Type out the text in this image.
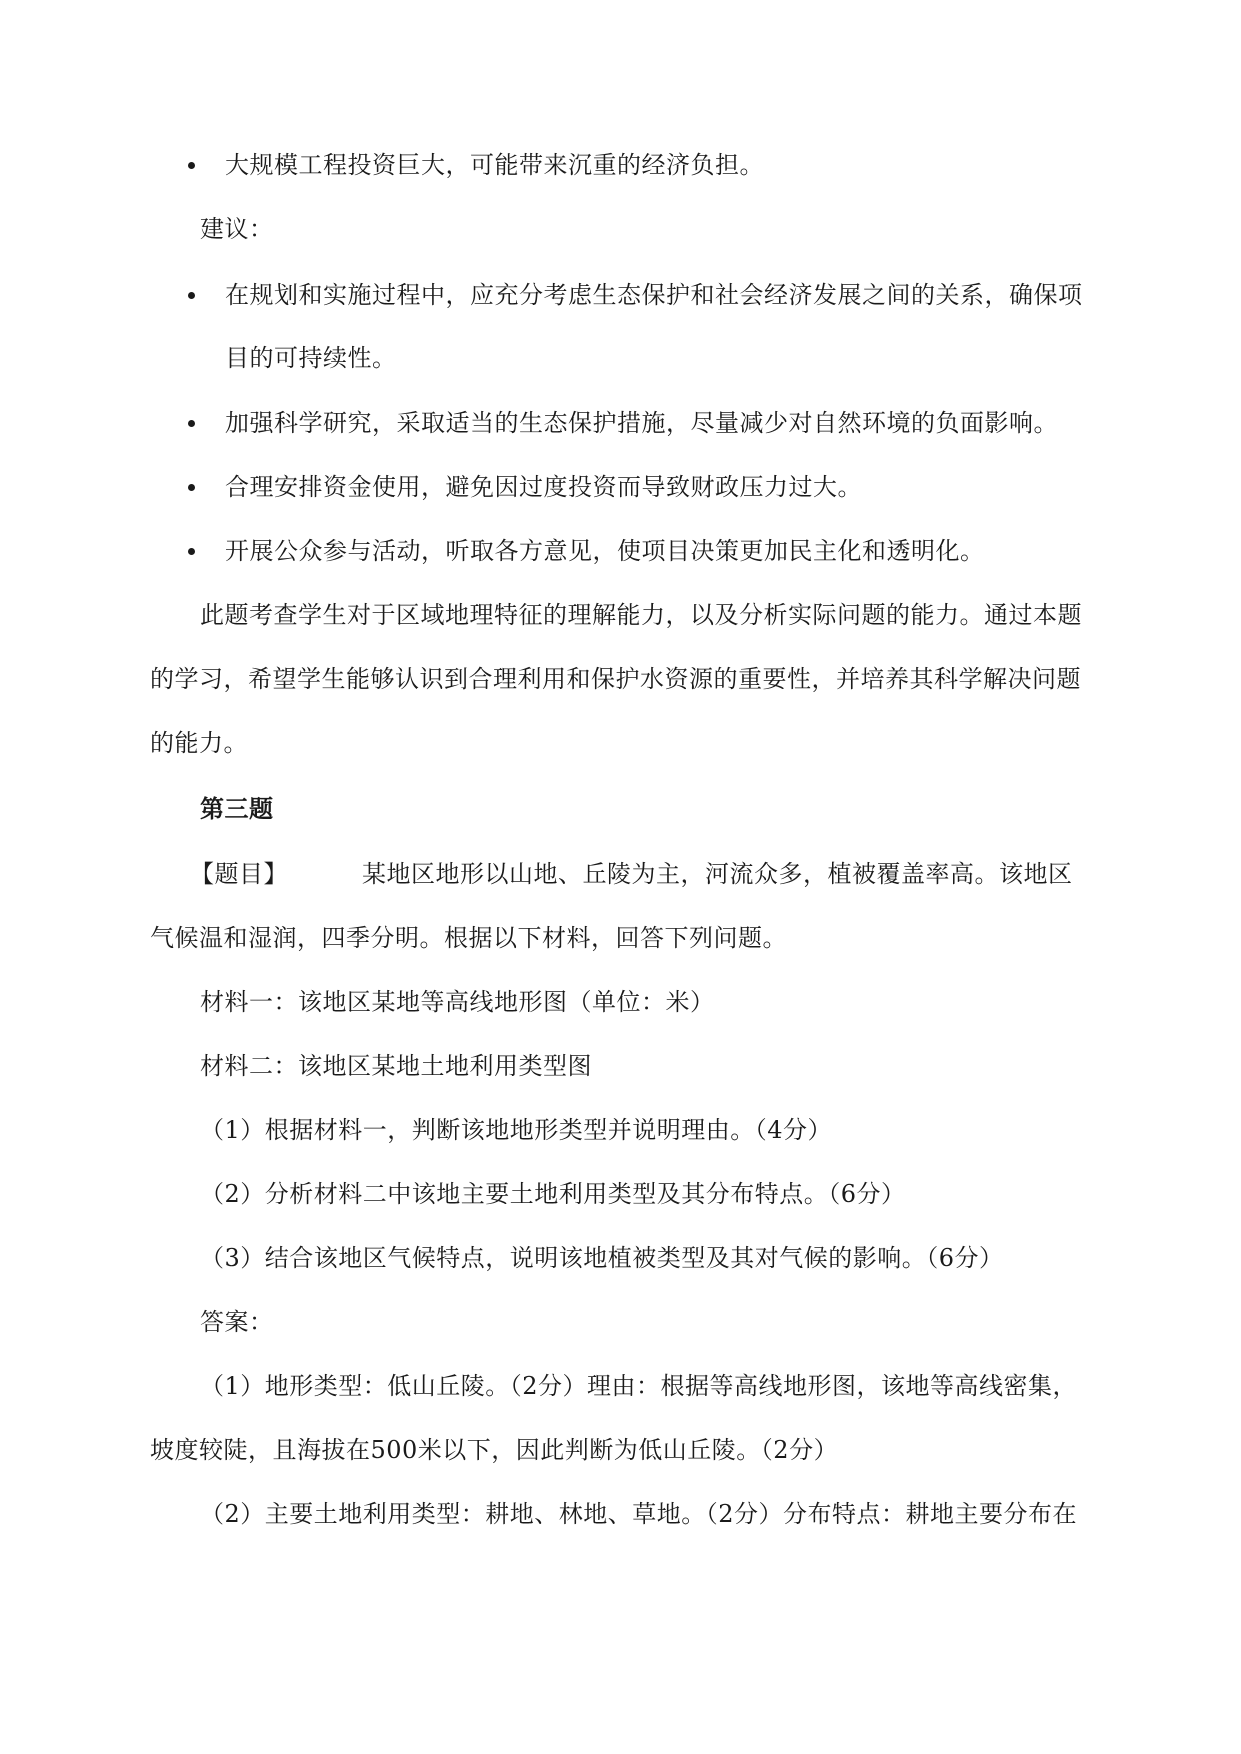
大规模工程投资巨大，可能带来沉重的经济负担。
建议：
在规划和实施过程中，应充分考虑生态保护和社会经济发展之间的关系，确保项
目的可持续性。
加强科学研究，采取适当的生态保护措施，尽量减少对自然环境的负面影响。
合理安排资金使用，避免因过度投资而导致财政压力过大。
开展公众参与活动，听取各方意见，使项目决策更加民主化和透明化。
此题考查学生对于区域地理特征的理解能力，以及分析实际问题的能力。通过本题
的学习，希望学生能够认识到合理利用和保护水资源的重要性，并培养其科学解决问题
的能力。
第三题
【题目】	某地区地形以山地、丘陵为主，河流众多，植被覆盖率高。该地区
气候温和湿润，四季分明。根据以下材料，回答下列问题。
材料一：该地区某地等高线地形图（单位：米）
材料二：该地区某地土地利用类型图
（1）根据材料一，判断该地地形类型并说明理由。（4分）
（2）分析材料二中该地主要土地利用类型及其分布特点。（6分）
（3）结合该地区气候特点，说明该地植被类型及其对气候的影响。（6分）
答案：
（1）地形类型：低山丘陵。（2分）理由：根据等高线地形图，该地等高线密集，
坡度较陡，且海拔在500米以下，因此判断为低山丘陵。（2分）
（2）主要土地利用类型：耕地、林地、草地。（2分）分布特点：耕地主要分布在
